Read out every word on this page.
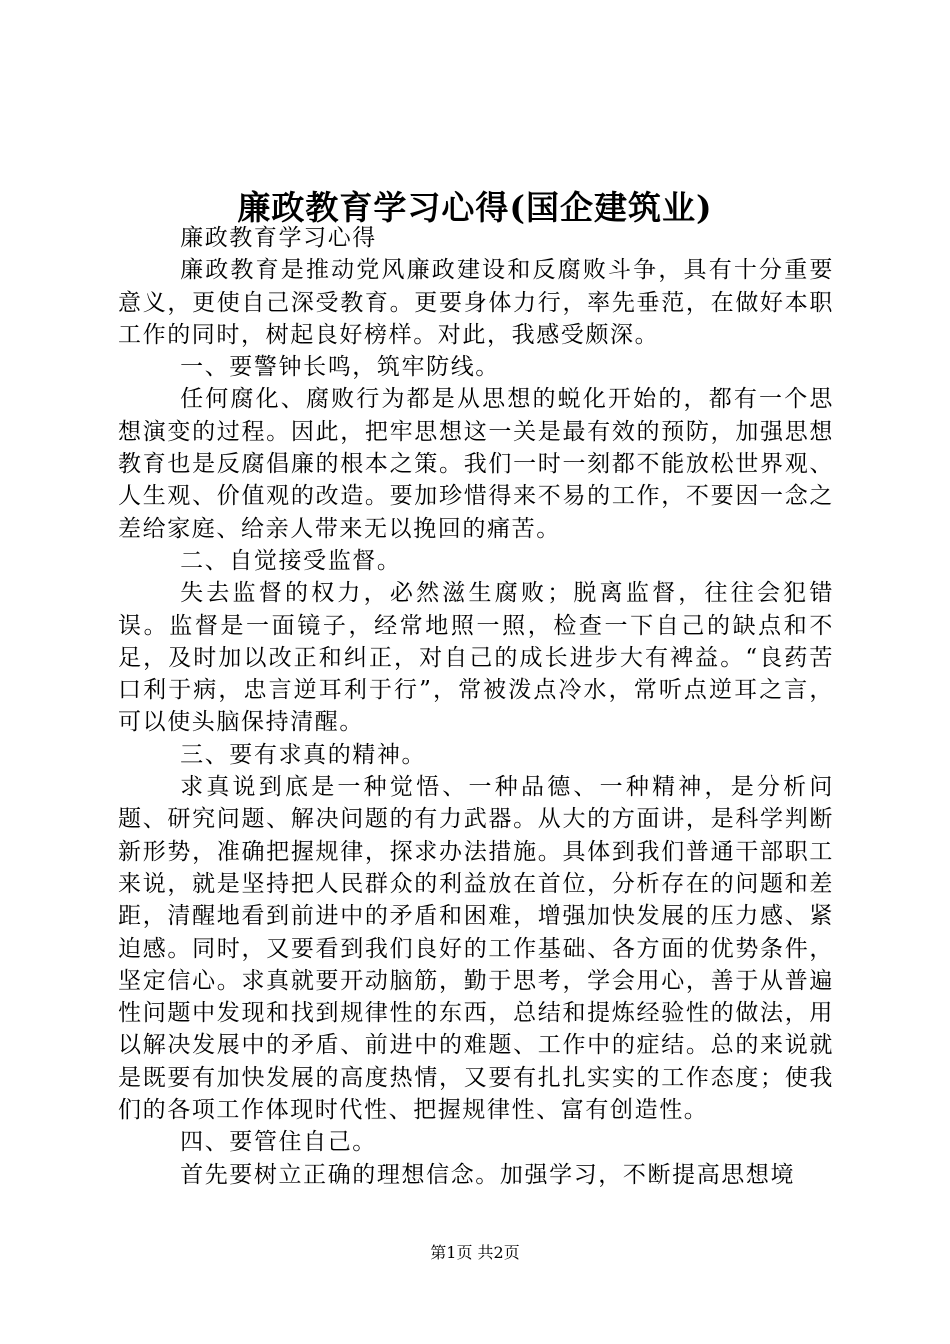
廉政教育学习心得(国企建筑业)

廉政教育学习心得

廉政教育是推动党风廉政建设和反腐败斗争，具有十分重要意义，更使自己深受教育。更要身体力行，率先垂范，在做好本职工作的同时，树起良好榜样。对此，我感受颇深。

一、要警钟长鸣，筑牢防线。

任何腐化、腐败行为都是从思想的蜕化开始的，都有一个思想演变的过程。因此，把牢思想这一关是最有效的预防，加强思想教育也是反腐倡廉的根本之策。我们一时一刻都不能放松世界观、人生观、价值观的改造。要加珍惜得来不易的工作，不要因一念之差给家庭、给亲人带来无以挽回的痛苦。

二、自觉接受监督。

失去监督的权力，必然滋生腐败；脱离监督，往往会犯错误。监督是一面镜子，经常地照一照，检查一下自己的缺点和不足，及时加以改正和纠正，对自己的成长进步大有裨益。“良药苦口利于病，忠言逆耳利于行”，常被泼点冷水，常听点逆耳之言，可以使头脑保持清醒。

三、要有求真的精神。

求真说到底是一种觉悟、一种品德、一种精神，是分析问题、研究问题、解决问题的有力武器。从大的方面讲，是科学判断新形势，准确把握规律，探求办法措施。具体到我们普通干部职工来说，就是坚持把人民群众的利益放在首位，分析存在的问题和差距，清醒地看到前进中的矛盾和困难，增强加快发展的压力感、紧迫感。同时，又要看到我们良好的工作基础、各方面的优势条件，坚定信心。求真就要开动脑筋，勤于思考，学会用心，善于从普遍性问题中发现和找到规律性的东西，总结和提炼经验性的做法，用以解决发展中的矛盾、前进中的难题、工作中的症结。总的来说就是既要有加快发展的高度热情，又要有扎扎实实的工作态度；使我们的各项工作体现时代性、把握规律性、富有创造性。

四、要管住自己。

首先要树立正确的理想信念。加强学习，不断提高思想境

第1页 共2页
